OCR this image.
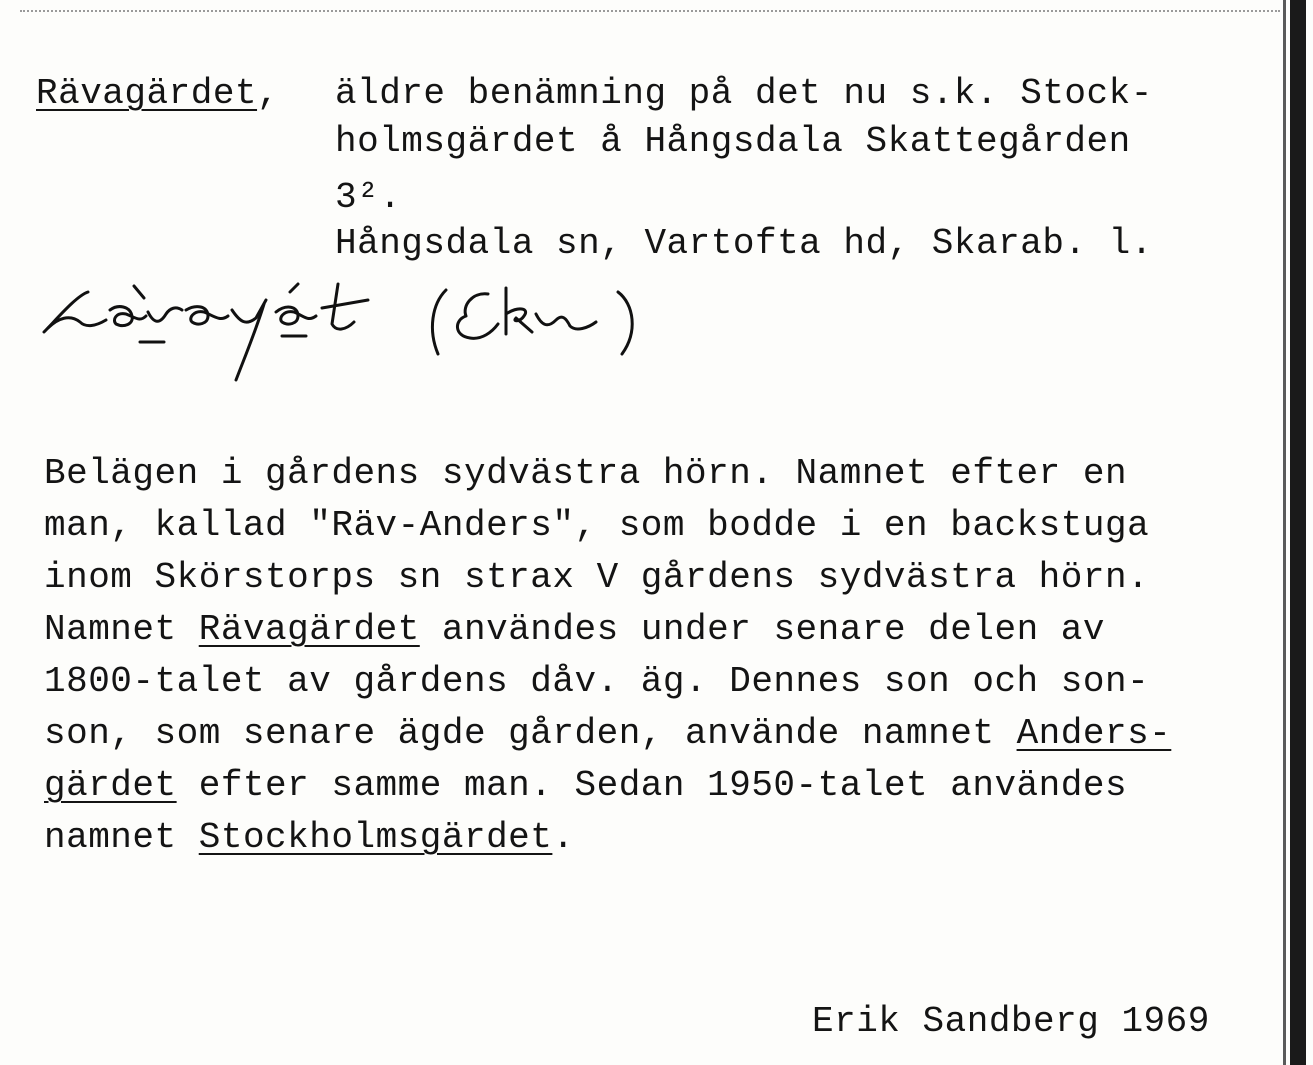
Rävagärdet, äldre benämning på det nu s.k. Stock-

holmsgärdet å Hångsdala Skattegården

3².

Hångsdala sn, Vartofta hd, Skarab. l.

Belägen i gårdens sydvästra hörn. Namnet efter en

man, kallad "Räv-Anders", som bodde i en backstuga

inom Skörstorps sn strax V gårdens sydvästra hörn.

Namnet Rävagärdet användes under senare delen av

1800-talet av gårdens dåv. äg. Dennes son och son-

son, som senare ägde gården, använde namnet Anders-

gärdet efter samme man. Sedan 1950-talet användes

namnet Stockholmsgärdet.

Erik Sandberg 1969
